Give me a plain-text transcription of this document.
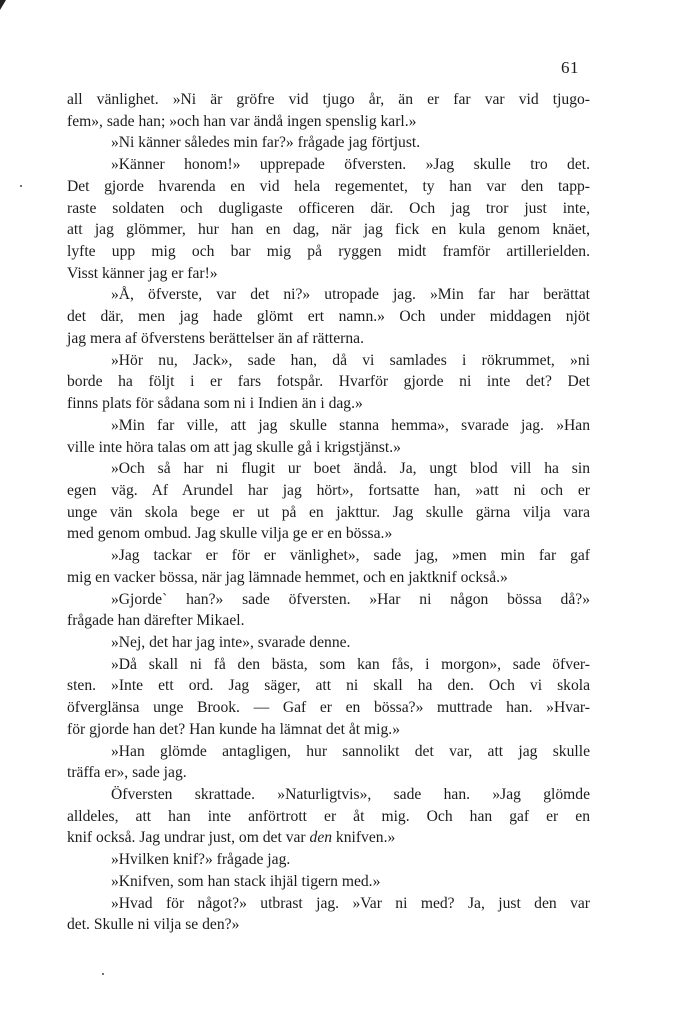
61
all vänlighet. »Ni är gröfre vid tjugo år, än er far var vid tjugo-
fem», sade han; »och han var ändå ingen spenslig karl.»
»Ni känner således min far?» frågade jag förtjust.
»Känner honom!» upprepade öfversten. »Jag skulle tro det.
Det gjorde hvarenda en vid hela regementet, ty han var den tapp-
raste soldaten och dugligaste officeren där. Och jag tror just inte,
att jag glömmer, hur han en dag, när jag fick en kula genom knäet,
lyfte upp mig och bar mig på ryggen midt framför artillerielden.
Visst känner jag er far!»
»Å, öfverste, var det ni?» utropade jag. »Min far har berättat
det där, men jag hade glömt ert namn.» Och under middagen njöt
jag mera af öfverstens berättelser än af rätterna.
»Hör nu, Jack», sade han, då vi samlades i rökrummet, »ni
borde ha följt i er fars fotspår. Hvarför gjorde ni inte det? Det
finns plats för sådana som ni i Indien än i dag.»
»Min far ville, att jag skulle stanna hemma», svarade jag. »Han
ville inte höra talas om att jag skulle gå i krigstjänst.»
»Och så har ni flugit ur boet ändå. Ja, ungt blod vill ha sin
egen väg. Af Arundel har jag hört», fortsatte han, »att ni och er
unge vän skola bege er ut på en jakttur. Jag skulle gärna vilja vara
med genom ombud. Jag skulle vilja ge er en bössa.»
»Jag tackar er för er vänlighet», sade jag, »men min far gaf
mig en vacker bössa, när jag lämnade hemmet, och en jaktknif också.»
»Gjorde` han?» sade öfversten. »Har ni någon bössa då?»
frågade han därefter Mikael.
»Nej, det har jag inte», svarade denne.
»Då skall ni få den bästa, som kan fås, i morgon», sade öfver-
sten. »Inte ett ord. Jag säger, att ni skall ha den. Och vi skola
öfverglänsa unge Brook. — Gaf er en bössa?» muttrade han. »Hvar-
för gjorde han det? Han kunde ha lämnat det åt mig.»
»Han glömde antagligen, hur sannolikt det var, att jag skulle
träffa er», sade jag.
Öfversten skrattade. »Naturligtvis», sade han. »Jag glömde
alldeles, att han inte anförtrott er åt mig. Och han gaf er en
knif också. Jag undrar just, om det var den knifven.»
»Hvilken knif?» frågade jag.
»Knifven, som han stack ihjäl tigern med.»
»Hvad för något?» utbrast jag. »Var ni med? Ja, just den var
det. Skulle ni vilja se den?»
